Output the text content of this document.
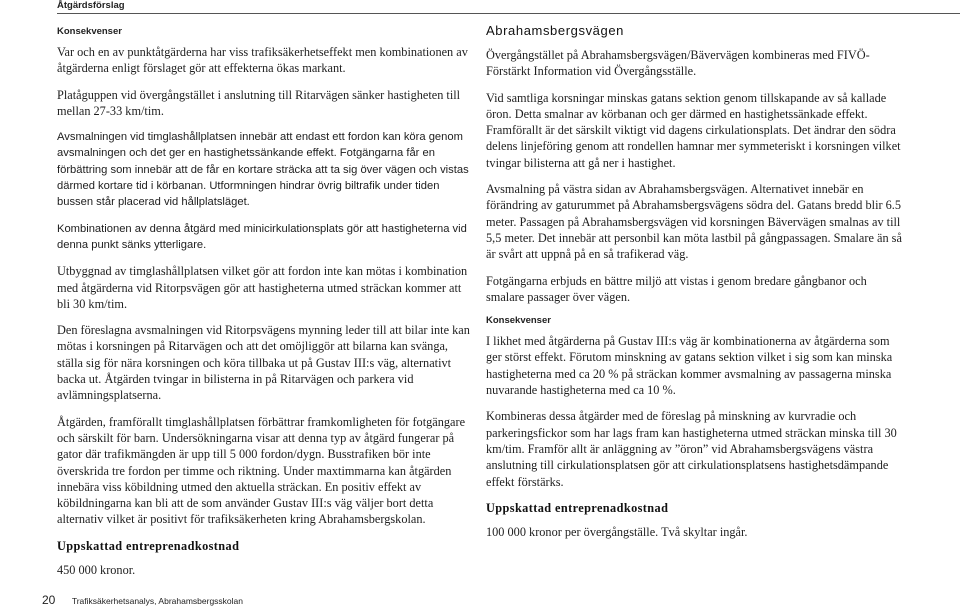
Åtgärdsförslag
Konsekvenser

Var och en av punktåtgärderna har viss trafiksäkerhetseffekt men kombinationen av åtgärderna enligt förslaget gör att effekterna ökas markant.

Platåguppen vid övergångstället i anslutning till Ritarvägen sänker hastigheten till mellan 27-33 km/tim.

Avsmalningen vid timglashållplatsen innebär att endast ett fordon kan köra genom avsmalningen och det ger en hastighetssänkande effekt. Fotgängarna får en förbättring som innebär att de får en kortare sträcka att ta sig över vägen och vistas därmed kortare tid i körbanan. Utformningen hindrar övrig biltrafik under tiden bussen står placerad vid hållplatsläget.

Kombinationen av denna åtgärd med minicirkulationsplats gör att hastigheterna vid denna punkt sänks ytterligare.

Utbyggnad av timglashållplatsen vilket gör att fordon inte kan mötas i kombination med åtgärderna vid Ritorpsvägen gör att hastigheterna utmed sträckan kommer att bli 30 km/tim.

Den föreslagna avsmalningen vid Ritorpsvägens mynning leder till att bilar inte kan mötas i korsningen på Ritarvägen och att det omöjliggör att bilarna kan svänga, ställa sig för nära korsningen och köra tillbaka ut på Gustav III:s väg, alternativt backa ut. Åtgärden tvingar in bilisterna in på Ritarvägen och parkera vid avlämningsplatserna.

Åtgärden, framförallt timglashållplatsen förbättrar framkomligheten för fotgängare och särskilt för barn. Undersökningarna visar att denna typ av åtgärd fungerar på gator där trafikmängden är upp till 5 000 fordon/dygn. Busstrafiken bör inte överskrida tre fordon per timme och riktning. Under maxtimmarna kan åtgärden innebära viss köbildning utmed den aktuella sträckan. En positiv effekt av köbildningarna kan bli att de som använder Gustav III:s väg väljer bort detta alternativ vilket är positivt för trafiksäkerheten kring Abrahamsbergskolan.

Uppskattad entreprenadkostnad

450 000 kronor.

Abrahamsbergsvägen

Övergångstället på Abrahamsbergsvägen/Bävervägen kombineras med FIVÖ-Förstärkt Information vid Övergångsställe.

Vid samtliga korsningar minskas gatans sektion genom tillskapande av så kallade öron. Detta smalnar av körbanan och ger därmed en hastighetssänkade effekt. Framförallt är det särskilt viktigt vid dagens cirkulationsplats. Det ändrar den södra delens linjeföring genom att rondellen hamnar mer symmeteriskt i korsningen vilket tvingar bilisterna att gå ner i hastighet.

Avsmalning på västra sidan av Abrahamsbergsvägen. Alternativet innebär en förändring av gaturummet på Abrahamsbergsvägens södra del. Gatans bredd blir 6.5 meter. Passagen på Abrahamsbergsvägen vid korsningen Bävervägen smalnas av till 5,5 meter. Det innebär att personbil kan möta lastbil på gångpassagen. Smalare än så är svårt att uppnå på en så trafikerad väg.

Fotgängarna erbjuds en bättre miljö att vistas i genom bredare gångbanor och smalare passager över vägen.

Konsekvenser

I likhet med åtgärderna på Gustav III:s väg är kombinationerna av åtgärderna som ger störst effekt. Förutom minskning av gatans sektion vilket i sig som kan minska hastigheterna med ca 20 % på sträckan kommer avsmalning av passagerna minska nuvarande hastigheterna med ca 10 %.

Kombineras dessa åtgärder med de föreslag på minskning av kurvradie och parkeringsfickor som har lags fram kan hastigheterna utmed sträckan minska till 30 km/tim. Framför allt är anläggning av ”öron” vid Abrahamsbergsvägens västra anslutning till cirkulationsplatsen gör att cirkulationsplatsens hastighetsdämpande effekt förstärks.

Uppskattad entreprenadkostnad

100 000 kronor per övergångställe. Två skyltar ingår.

20 Trafiksäkerhetsanalys, Abrahamsbergsskolan
